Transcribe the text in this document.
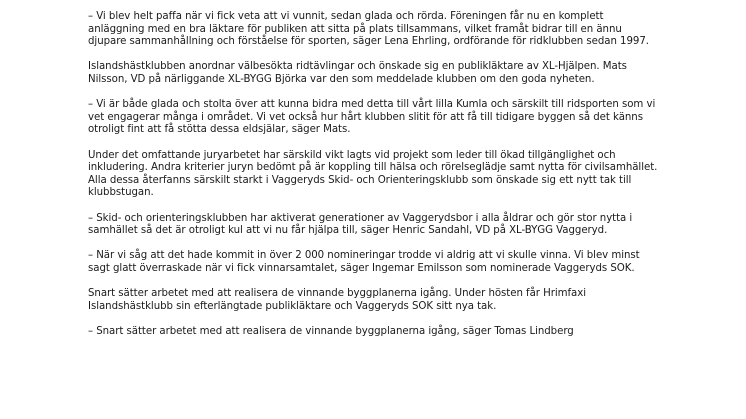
– Vi blev helt paffa när vi fick veta att vi vunnit, sedan glada och rörda. Föreningen får nu en komplett anläggning med en bra läktare för publiken att sitta på plats tillsammans, vilket framåt bidrar till en ännu djupare sammanhållning och förståelse för sporten, säger Lena Ehrling, ordförande för ridklubben sedan 1997.

Islandshästklubben anordnar välbesökta ridtävlingar och önskade sig en publikläktare av XL-Hjälpen. Mats Nilsson, VD på närliggande XL-BYGG Björka var den som meddelade klubben om den goda nyheten.

– Vi är både glada och stolta över att kunna bidra med detta till vårt lilla Kumla och särskilt till ridsporten som vi vet engagerar många i området. Vi vet också hur hårt klubben slitit för att få till tidigare byggen så det känns otroligt fint att få stötta dessa eldsjälar, säger Mats.

Under det omfattande juryarbetet har särskild vikt lagts vid projekt som leder till ökad tillgänglighet och inkludering. Andra kriterier juryn bedömt på är koppling till hälsa och rörelseglädje samt nytta för civilsamhället. Alla dessa återfanns särskilt starkt i Vaggeryds Skid- och Orienteringsklubb som önskade sig ett nytt tak till klubbstugan.

– Skid- och orienteringsklubben har aktiverat generationer av Vaggerydsbor i alla åldrar och gör stor nytta i samhället så det är otroligt kul att vi nu får hjälpa till, säger Henric Sandahl, VD på XL-BYGG Vaggeryd.

– När vi såg att det hade kommit in över 2 000 nomineringar trodde vi aldrig att vi skulle vinna. Vi blev minst sagt glatt överraskade när vi fick vinnarsamtalet, säger Ingemar Emilsson som nominerade Vaggeryds SOK.

Snart sätter arbetet med att realisera de vinnande byggplanerna igång. Under hösten får Hrimfaxi Islandshästklubb sin efterlängtade publikläktare och Vaggeryds SOK sitt nya tak.

– Snart sätter arbetet med att realisera de vinnande byggplanerna igång, säger Tomas Lindberg
